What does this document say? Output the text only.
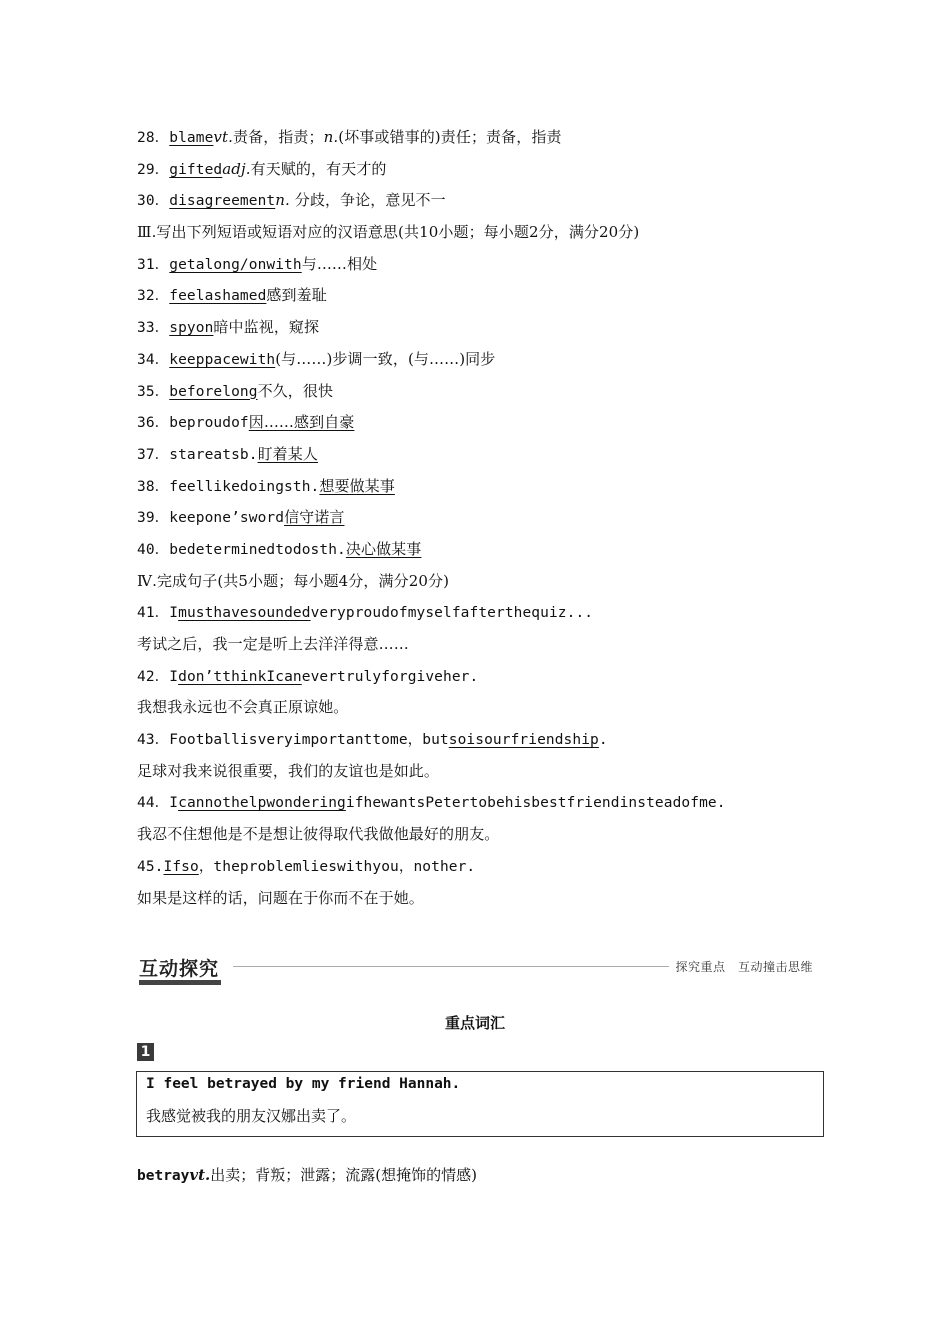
28．blamevt.责备，指责；n.(坏事或错事的)责任；责备，指责
29．giftedadj.有天赋的，有天才的
30．disagreementn. 分歧，争论，意见不一
Ⅲ.写出下列短语或短语对应的汉语意思(共10小题；每小题2分，满分20分)
31．getalong/onwith与……相处
32．feelashamed感到羞耻
33．spyon暗中监视，窥探
34．keeppacewith(与……)步调一致，(与……)同步
35．beforelong不久，很快
36．beproudof因……感到自豪
37．stareatsb.盯着某人
38．feellikedoingsth.想要做某事
39．keepone’sword信守诺言
40．bedeterminedtodosth.决心做某事
Ⅳ.完成句子(共5小题；每小题4分，满分20分)
41．Imusthavesoundedveryproudofmyselfafterthequiz...
考试之后，我一定是听上去洋洋得意……
42．Idon’tthinkIcanevertrulyforgiveher.
我想我永远也不会真正原谅她。
43．Footballisveryimportanttome，butsoisourfriendship.
足球对我来说很重要，我们的友谊也是如此。
44．IcannothelpwonderingifhewantsPetertobehisbestfriendinsteadofme.
我忍不住想他是不是想让彼得取代我做他最好的朋友。
45.Ifso，theproblemlieswithyou，nother.
如果是这样的话，问题在于你而不在于她。
互动探究	探究重点　互动撞击思维
重点词汇
1
I feel betrayed by my friend Hannah.
我感觉被我的朋友汉娜出卖了。
betrayvt.出卖；背叛；泄露；流露(想掩饰的情感)
